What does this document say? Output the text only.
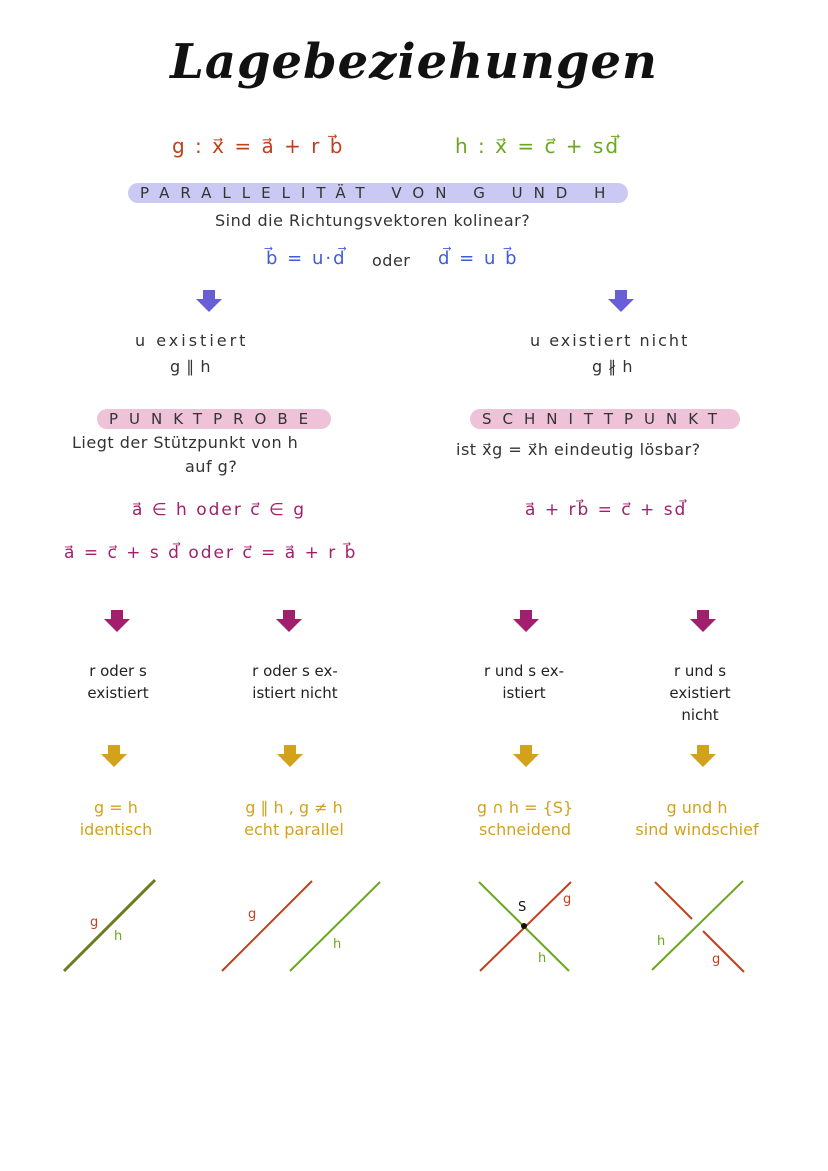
Lagebeziehungen
g : x⃗ = a⃗ + r b⃗	h : x⃗ = c⃗ + sd⃗
PARALLELITÄT VON G UND H
Sind die Richtungsvektoren kolinear?
b⃗ = u·d⃗ oder d⃗ = u b⃗
u existiert
g ∥ h
u existiert nicht
g ∦ h
PUNKTPROBE
Liegt der Stützpunkt von h
auf g?
a⃗ ∈ h oder c⃗ ∈ g
a⃗ = c⃗ + s d⃗ oder c⃗ = a⃗ + r b⃗
SCHNITTPUNKT
ist x⃗g = x⃗h eindeutig lösbar?
a⃗ + rb⃗ = c⃗ + sd⃗
r oder s
existiert
r oder s ex-
istiert nicht
r und s ex-
istiert
r und s
existiert
nicht
g = h
identisch
g ∥ h , g ≠ h
echt parallel
g ∩ h = {S}
schneidend
g und h
sind windschief
g
h
g
h
S
g
h
h
g
